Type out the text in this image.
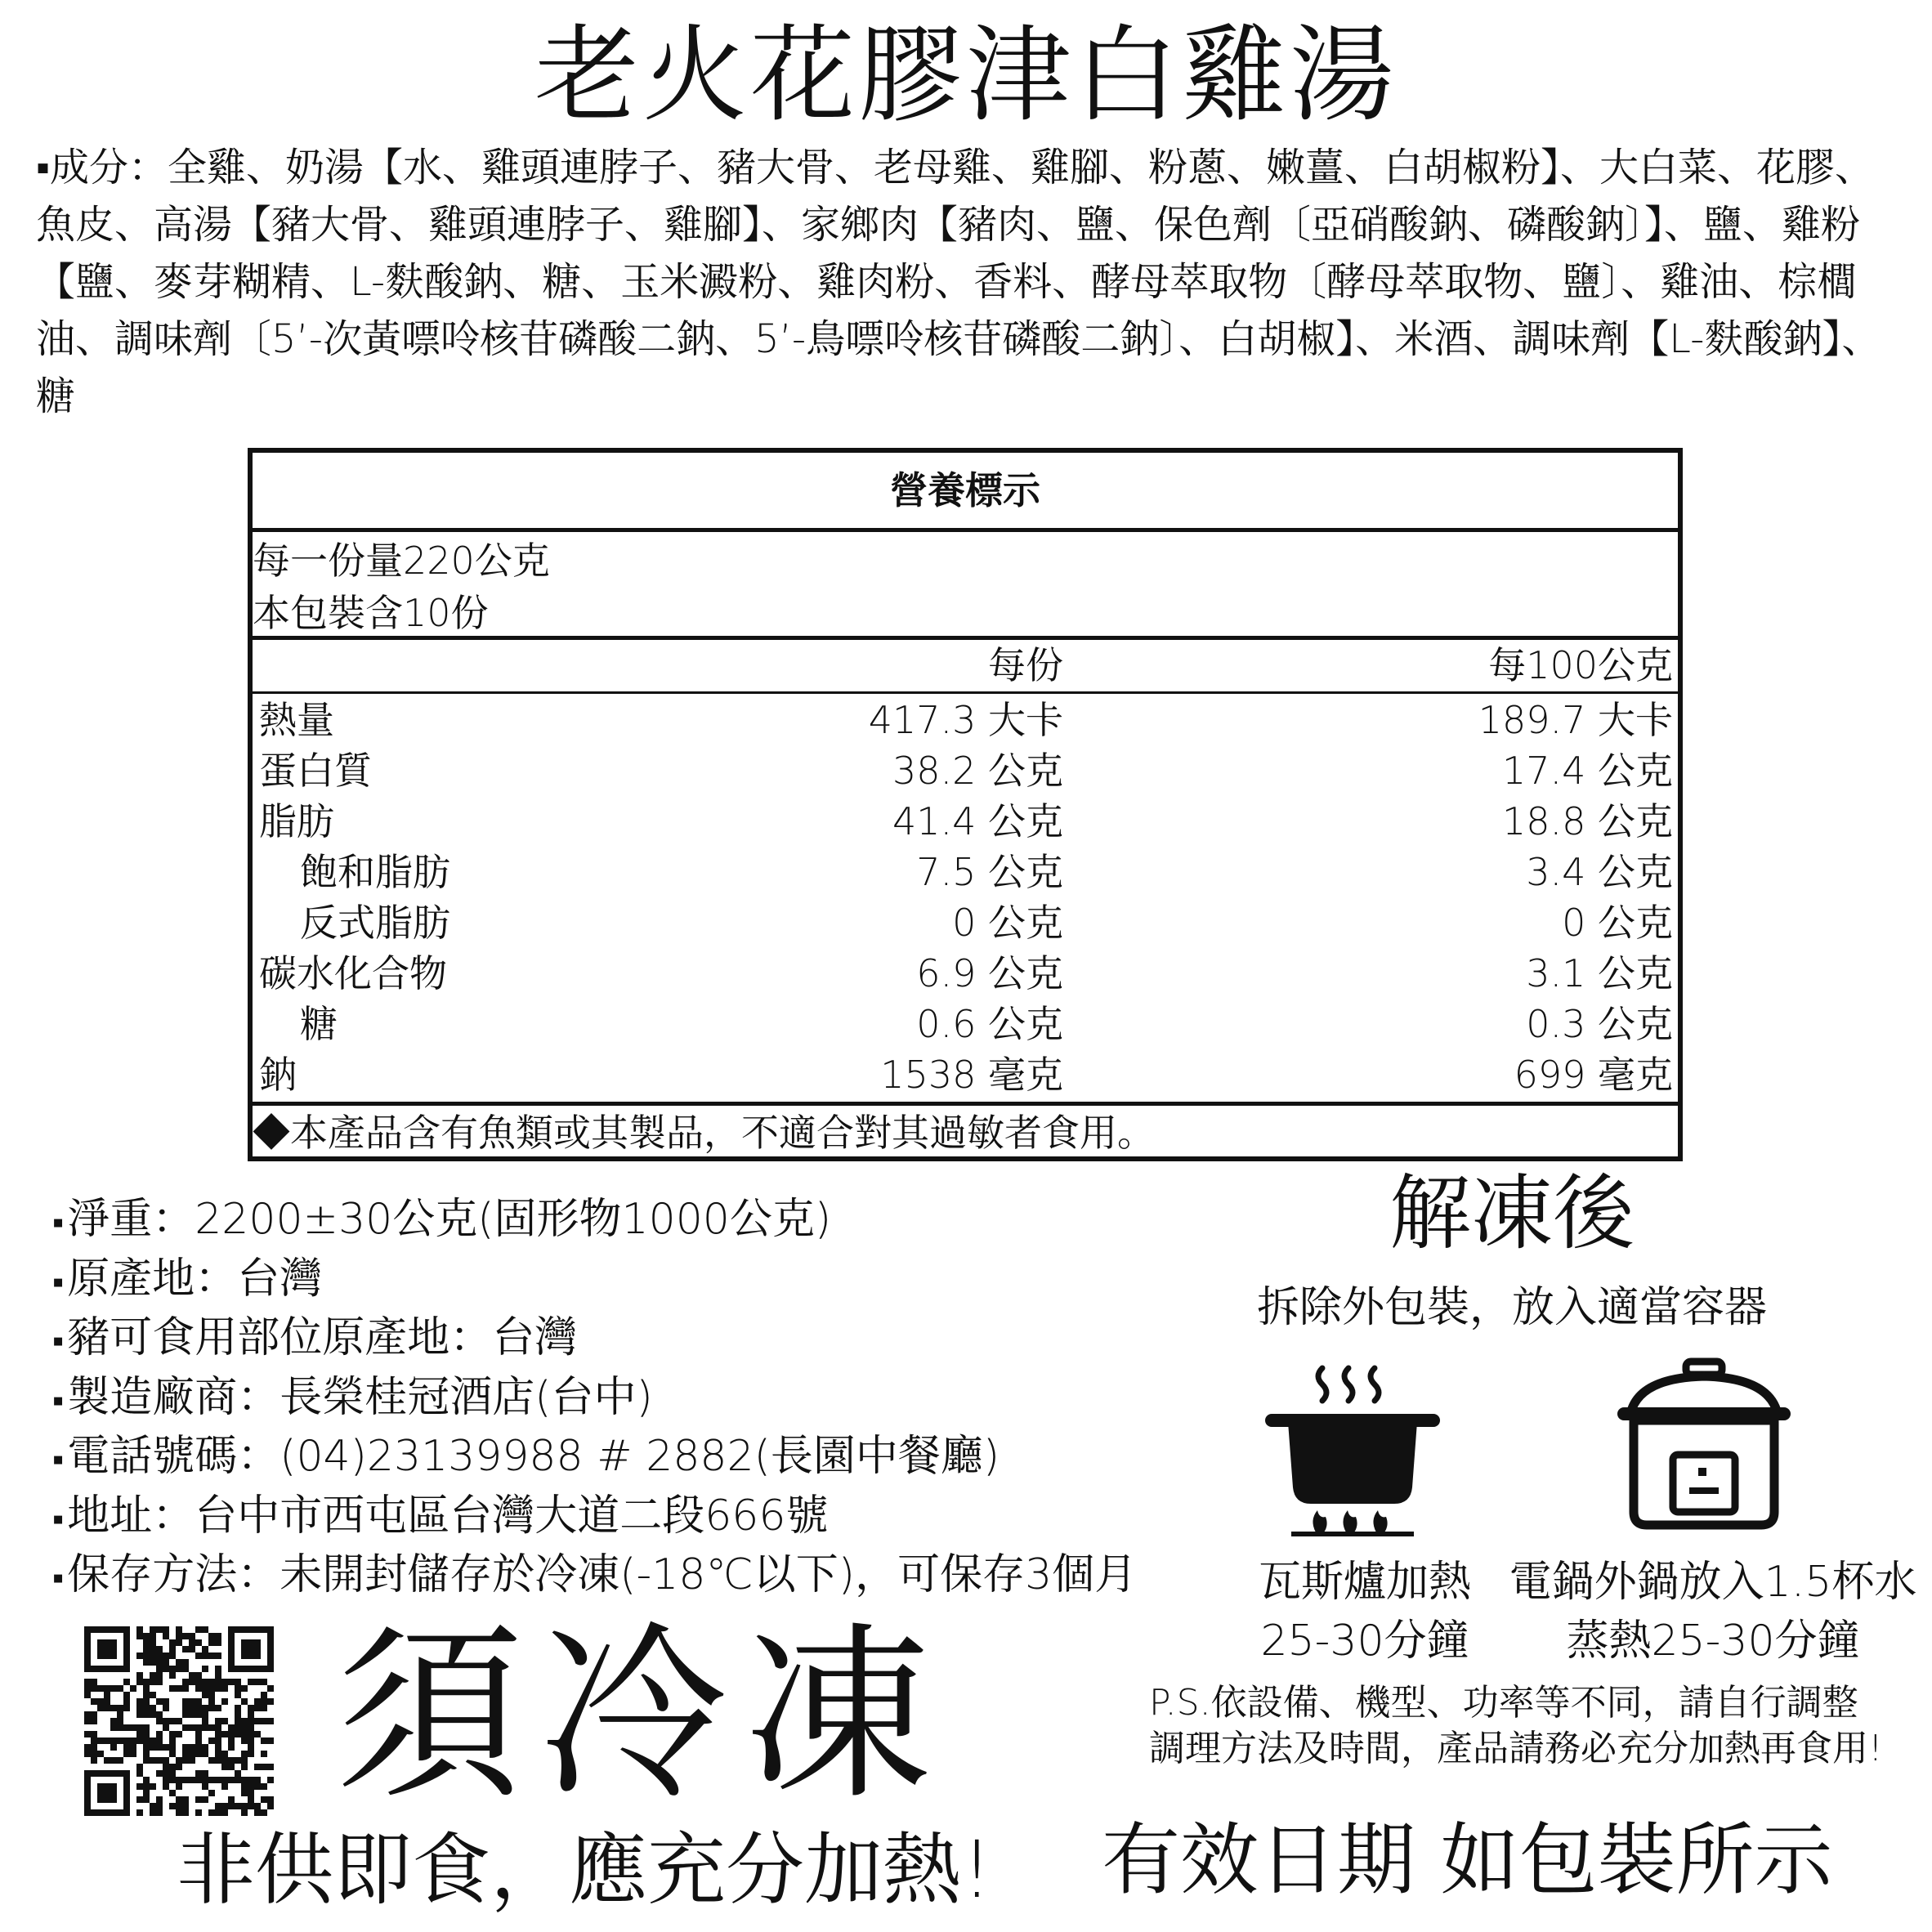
老火花膠津白雞湯
▪成分：全雞、奶湯【水、雞頭連脖子、豬大骨、老母雞、雞腳、粉蔥、嫩薑、白胡椒粉】、大白菜、花膠、魚皮、高湯【豬大骨、雞頭連脖子、雞腳】、家鄉肉【豬肉、鹽、保色劑〔亞硝酸鈉、磷酸鈉〕】、鹽、雞粉【鹽、麥芽糊精、L-麩酸鈉、糖、玉米澱粉、雞肉粉、香料、酵母萃取物〔酵母萃取物、鹽〕、雞油、棕櫚油、調味劑〔5’-次黃嘌呤核苷磷酸二鈉、5’-鳥嘌呤核苷磷酸二鈉〕、白胡椒】、米酒、調味劑【L-麩酸鈉】、糖
營養標示
每一份量220公克
本包裝含10份
每份	每100公克
熱量	417.3 大卡	189.7 大卡
蛋白質	38.2 公克	17.4 公克
脂肪	41.4 公克	18.8 公克
飽和脂肪	7.5 公克	3.4 公克
反式脂肪	0 公克	0 公克
碳水化合物	6.9 公克	3.1 公克
糖	0.6 公克	0.3 公克
鈉	1538 毫克	699 毫克
◆本產品含有魚類或其製品，不適合對其過敏者食用。
▪ 淨重：2200±30公克(固形物1000公克)
▪ 原產地：台灣
▪ 豬可食用部位原產地：台灣
▪ 製造廠商：長榮桂冠酒店(台中)
▪ 電話號碼：(04)23139988 # 2882(長園中餐廳)
▪ 地址：台中市西屯區台灣大道二段666號
▪ 保存方法：未開封儲存於冷凍(-18℃以下)，可保存3個月
解凍後
拆除外包裝，放入適當容器
瓦斯爐加熱
25-30分鐘
電鍋外鍋放入1.5杯水
蒸熱25-30分鐘
P.S.依設備、機型、功率等不同，請自行調整
調理方法及時間，產品請務必充分加熱再食用!
須冷凍
非供即食，應充分加熱! 有效日期 如包裝所示
